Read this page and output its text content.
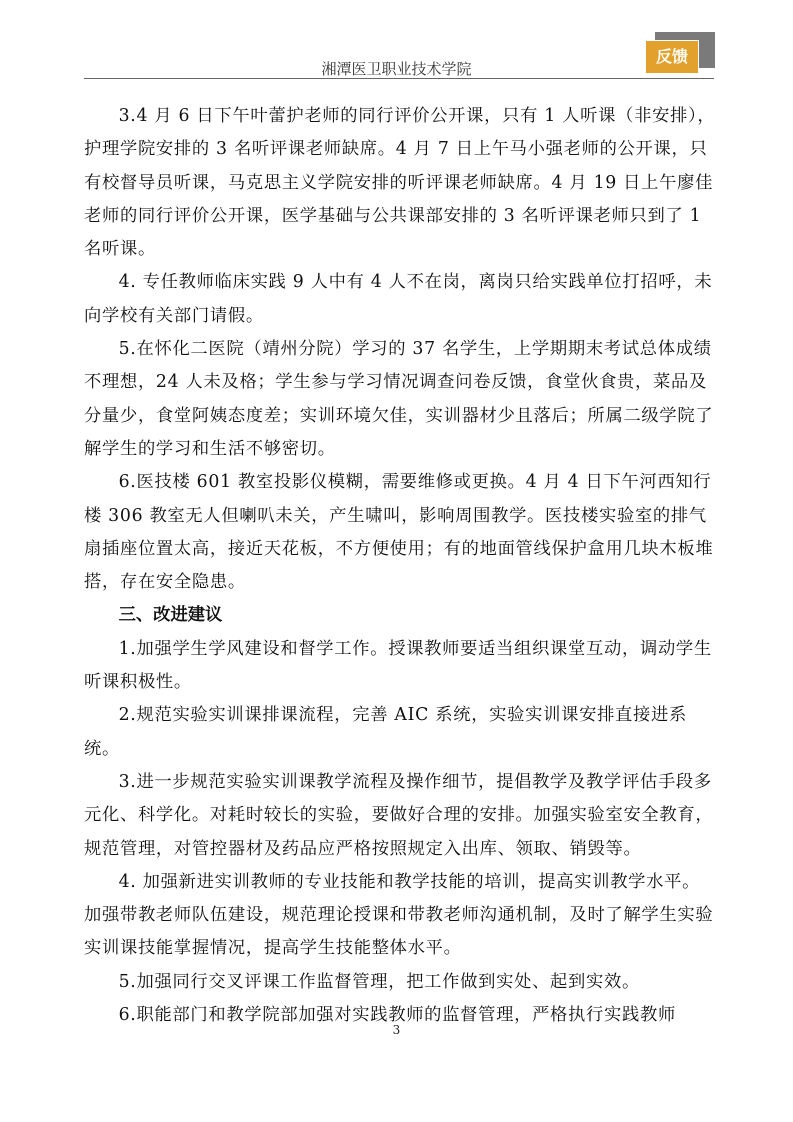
湘潭医卫职业技术学院
反馈

3.4 月 6 日下午叶蕾护老师的同行评价公开课，只有 1 人听课（非安排），护理学院安排的 3 名听评课老师缺席。4 月 7 日上午马小强老师的公开课，只有校督导员听课，马克思主义学院安排的听评课老师缺席。4 月 19 日上午廖佳老师的同行评价公开课，医学基础与公共课部安排的 3 名听评课老师只到了 1 名听课。

4. 专任教师临床实践 9 人中有 4 人不在岗，离岗只给实践单位打招呼，未向学校有关部门请假。

5.在怀化二医院（靖州分院）学习的 37 名学生，上学期期末考试总体成绩不理想，24 人未及格；学生参与学习情况调查问卷反馈，食堂伙食贵，菜品及分量少，食堂阿姨态度差；实训环境欠佳，实训器材少且落后；所属二级学院了解学生的学习和生活不够密切。

6.医技楼 601 教室投影仪模糊，需要维修或更换。4 月 4 日下午河西知行楼 306 教室无人但喇叭未关，产生啸叫，影响周围教学。医技楼实验室的排气扇插座位置太高，接近天花板，不方便使用；有的地面管线保护盒用几块木板堆搭，存在安全隐患。

三、改进建议

1.加强学生学风建设和督学工作。授课教师要适当组织课堂互动，调动学生听课积极性。

2.规范实验实训课排课流程，完善 AIC 系统，实验实训课安排直接进系统。

3.进一步规范实验实训课教学流程及操作细节，提倡教学及教学评估手段多元化、科学化。对耗时较长的实验，要做好合理的安排。加强实验室安全教育，规范管理，对管控器材及药品应严格按照规定入出库、领取、销毁等。

4. 加强新进实训教师的专业技能和教学技能的培训，提高实训教学水平。加强带教老师队伍建设，规范理论授课和带教老师沟通机制，及时了解学生实验实训课技能掌握情况，提高学生技能整体水平。

5.加强同行交叉评课工作监督管理，把工作做到实处、起到实效。

6.职能部门和教学院部加强对实践教师的监督管理，严格执行实践教师

3
